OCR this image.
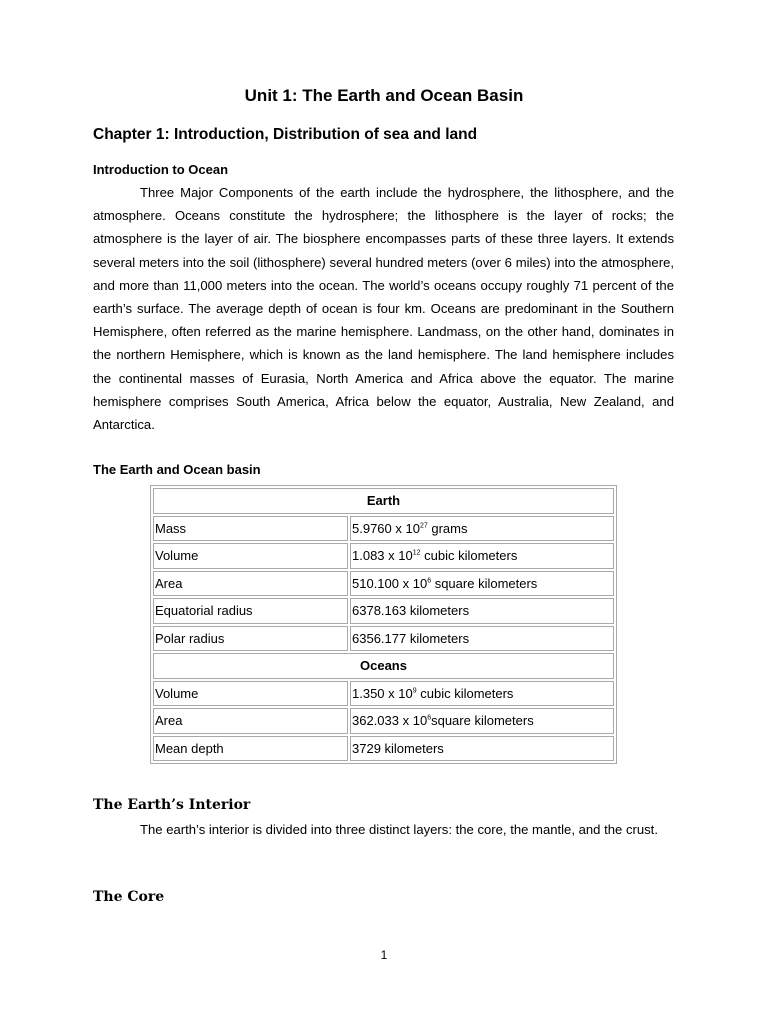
Unit 1: The Earth and Ocean Basin
Chapter 1: Introduction, Distribution of sea and land
Introduction to Ocean

Three Major Components of the earth include the hydrosphere, the lithosphere, and the atmosphere. Oceans constitute the hydrosphere; the lithosphere is the layer of rocks; the atmosphere is the layer of air. The biosphere encompasses parts of these three layers. It extends several meters into the soil (lithosphere) several hundred meters (over 6 miles) into the atmosphere, and more than 11,000 meters into the ocean. The world’s oceans occupy roughly 71 percent of the earth’s surface. The average depth of ocean is four km. Oceans are predominant in the Southern Hemisphere, often referred as the marine hemisphere. Landmass, on the other hand, dominates in the northern Hemisphere, which is known as the land hemisphere. The land hemisphere includes the continental masses of Eurasia, North America and Africa above the equator. The marine hemisphere comprises South America, Africa below the equator, Australia, New Zealand, and Antarctica.

The Earth and Ocean basin
Earth	
Mass	5.9760 x $10^{27}$ grams
Volume	1.083 x $10^{12}$ cubic kilometers
Area	510.100 x $10^6$ square kilometers
Equatorial radius	6378.163 kilometers
Polar radius	6356.177 kilometers
Oceans	
Volume	1.350 x $10^9$ cubic kilometers
Area	362.033 x $10^6square$ kilometers
Mean depth	3729 kilometers
The Earth’s Interior

The earth’s interior is divided into three distinct layers: the core, the mantle, and the crust.

The Core

1
